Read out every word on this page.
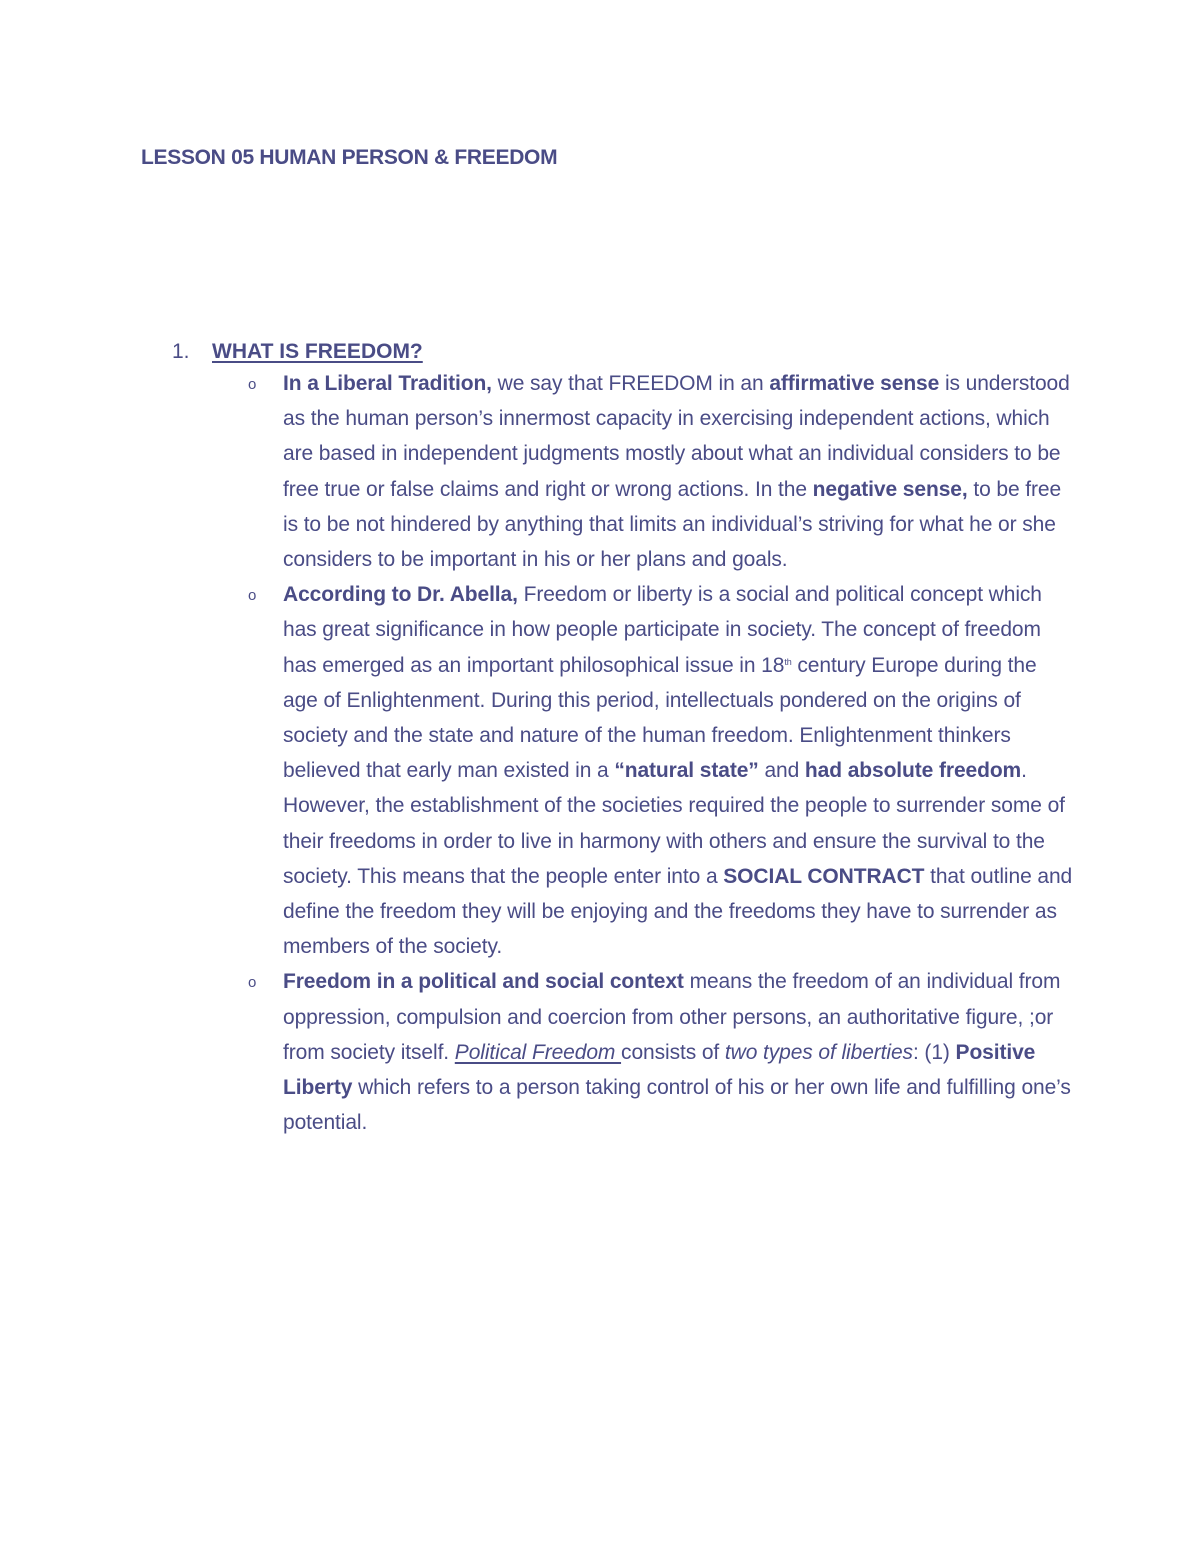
LESSON 05 HUMAN PERSON & FREEDOM
1. WHAT IS FREEDOM?
o In a Liberal Tradition, we say that FREEDOM in an affirmative sense is understood as the human person’s innermost capacity in exercising independent actions, which are based in independent judgments mostly about what an individual considers to be free true or false claims and right or wrong actions. In the negative sense, to be free is to be not hindered by anything that limits an individual’s striving for what he or she considers to be important in his or her plans and goals.
o According to Dr. Abella, Freedom or liberty is a social and political concept which has great significance in how people participate in society. The concept of freedom has emerged as an important philosophical issue in 18th century Europe during the age of Enlightenment. During this period, intellectuals pondered on the origins of society and the state and nature of the human freedom. Enlightenment thinkers believed that early man existed in a “natural state” and had absolute freedom. However, the establishment of the societies required the people to surrender some of their freedoms in order to live in harmony with others and ensure the survival to the society. This means that the people enter into a SOCIAL CONTRACT that outline and define the freedom they will be enjoying and the freedoms they have to surrender as members of the society.
o Freedom in a political and social context means the freedom of an individual from oppression, compulsion and coercion from other persons, an authoritative figure, ;or from society itself. Political Freedom consists of two types of liberties: (1) Positive Liberty which refers to a person taking control of his or her own life and fulfilling one’s potential.
